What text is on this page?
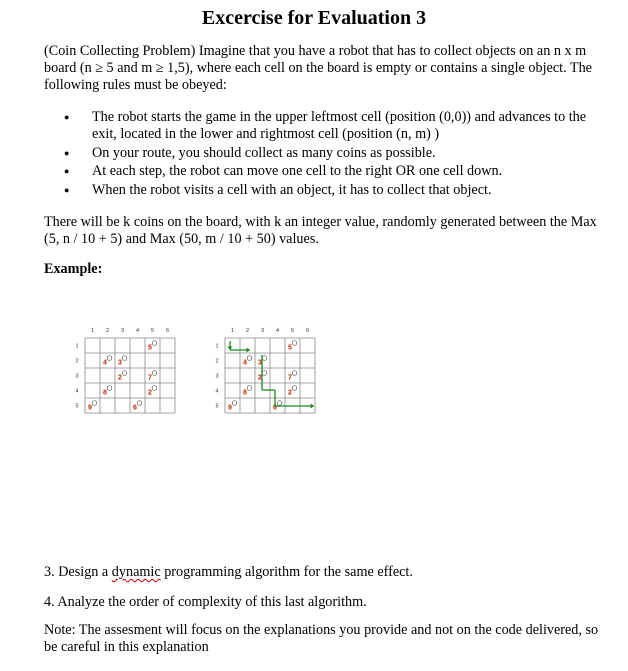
Excercise for Evaluation 3
(Coin Collecting Problem) Imagine that you have a robot that has to collect objects on an n x m board (n ≥ 5 and m ≥ 1,5), where each cell on the board is empty or contains a single object. The following rules must be obeyed:
● The robot starts the game in the upper leftmost cell (position (0,0)) and advances to the exit, located in the lower and rightmost cell (position (n, m) )
● On your route, you should collect as many coins as possible.
● At each step, the robot can move one cell to the right OR one cell down.
● When the robot visits a cell with an object, it has to collect that object.
There will be k coins on the board, with k an integer value, randomly generated between the Max (5, n / 10 + 5) and Max (50, m / 10 + 50) values.
Example:
1 2 3 4 5 6
1
2
3
4
5
5
4 3
2	7
8	2
9	6
1 2 3 4 5 6
1
2
3
4
5
5
4 3
2	7
8	2
9	6
3. Design a dynamic programming algorithm for the same effect.
4. Analyze the order of complexity of this last algorithm.
Note: The assesment will focus on the explanations you provide and not on the code delivered, so be careful in this explanation
